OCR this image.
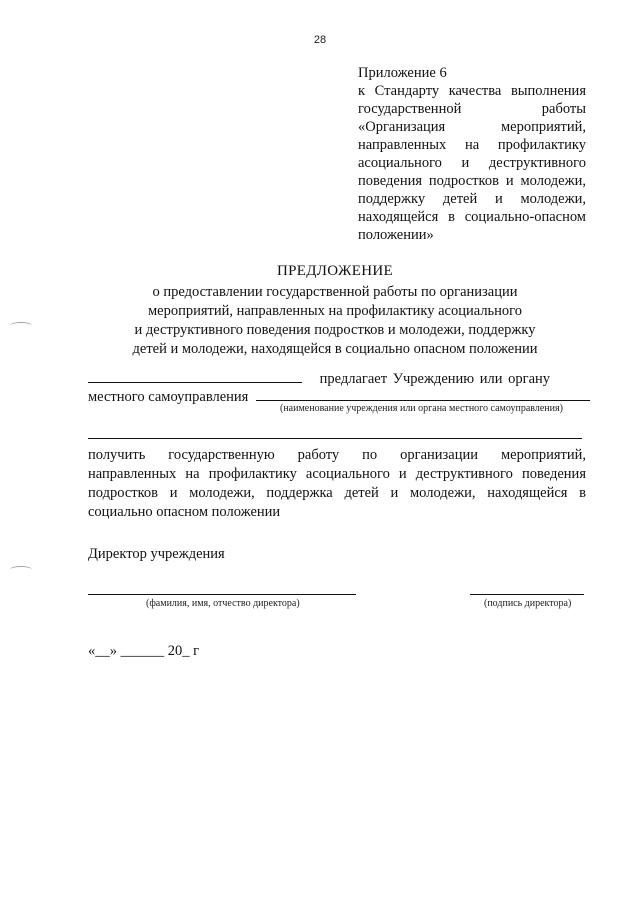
28
Приложение 6
к Стандарту качества выполнения
государственной работы
«Организация мероприятий,
направленных на профилактику
асоциального и деструктивного
поведения подростков и молодежи,
поддержку детей и молодежи,
находящейся в социально-опасном
положении»
ПРЕДЛОЖЕНИЕ
о предоставлении государственной работы по организации
мероприятий, направленных на профилактику асоциального
и деструктивного поведения подростков и молодежи, поддержку
детей и молодежи, находящейся в социально опасном положении
предлагает Учреждению или органу
местного самоуправления
(наименование учреждения или органа местного самоуправления)
получить государственную работу по организации мероприятий,
направленных на профилактику асоциального и деструктивного поведения
подростков и молодежи, поддержка детей и молодежи, находящейся в
социально опасном положении
Директор учреждения
(фамилия, имя, отчество директора)	(подпись директора)
«__» ______ 20_ г
